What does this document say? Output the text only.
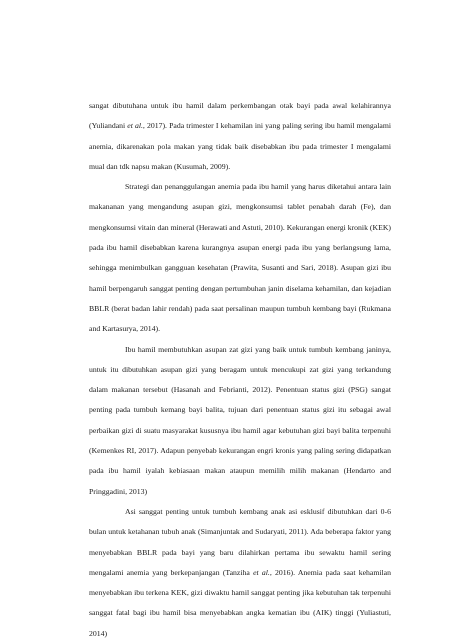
sangat dibutuhana untuk ibu hamil dalam perkembangan otak bayi pada awal kelahirannya (Yuliandani et al., 2017). Pada trimester I kehamilan ini yang paling sering ibu hamil mengalami anemia, dikarenakan pola makan yang tidak baik disebabkan ibu pada trimester I mengalami mual dan tdk napsu makan (Kusumah, 2009).

Strategi dan penanggulangan anemia pada ibu hamil yang harus diketahui antara lain makananan yang mengandung asupan gizi, mengkonsumsi tablet penabah darah (Fe), dan mengkonsumsi vitain dan mineral (Herawati and Astuti, 2010). Kekurangan energi kronik (KEK) pada ibu hamil disebabkan karena kurangnya asupan energi pada ibu yang berlangsung lama, sehingga menimbulkan gangguan kesehatan (Prawita, Susanti and Sari, 2018). Asupan gizi ibu hamil berpengaruh sanggat penting dengan pertumbuhan janin diselama kehamilan, dan kejadian BBLR (berat badan lahir rendah) pada saat persalinan maupun tumbuh kembang bayi (Rukmana and Kartasurya, 2014).

Ibu hamil membutuhkan asupan zat gizi yang baik untuk tumbuh kembang janinya, untuk itu dibutuhkan asupan gizi yang beragam untuk mencukupi zat gizi yang terkandung dalam makanan tersebut (Hasanah and Febrianti, 2012). Penentuan status gizi (PSG) sangat penting pada tumbuh kemang bayi balita, tujuan dari penentuan status gizi itu sebagai awal perbaikan gizi di suatu masyarakat kususnya ibu hamil agar kebutuhan gizi bayi balita terpenuhi (Kemenkes RI, 2017). Adapun penyebab kekurangan engri kronis yang paling sering didapatkan pada ibu hamil iyalah kebiasaan makan ataupun memilih milih makanan (Hendarto and Pringgadini, 2013)

Asi sanggat penting untuk tumbuh kembang anak asi esklusif dibutuhkan dari 0-6 bulan untuk ketahanan tubuh anak (Simanjuntak and Sudaryati, 2011). Ada beberapa faktor yang menyebabkan BBLR pada bayi yang baru dilahirkan pertama ibu sewaktu hamil sering mengalami anemia yang berkepanjangan (Tanziha et al., 2016). Anemia pada saat kehamilan menyebabkan ibu terkena KEK, gizi diwaktu hamil sanggat penting jika kebutuhan tak terpenuhi sanggat fatal bagi ibu hamil bisa menyebabkan angka kematian ibu (AIK) tinggi (Yuliastuti, 2014)
